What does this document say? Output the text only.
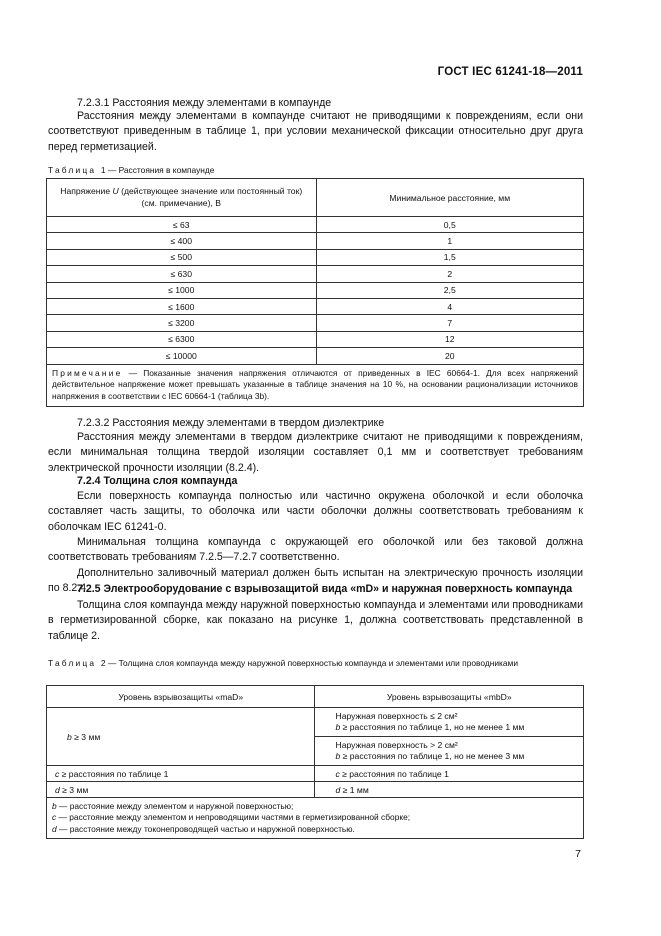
ГОСТ IEC 61241-18—2011

7.2.3.1 Расстояния между элементами в компаунде

Расстояния между элементами в компаунде считают не приводящими к повреждениям, если они соответствуют приведенным в таблице 1, при условии механической фиксации относительно друг друга перед герметизацией.

Таблица 1 — Расстояния в компаунде
Напряжение U (действующее значение или постоянный ток) (см. примечание), В	Минимальное расстояние, мм
≤ 63	0,5
≤ 400	1
≤ 500	1,5
≤ 630	2
≤ 1000	2,5
≤ 1600	4
≤ 3200	7
≤ 6300	12
≤ 10000	20
Примечание — Показанные значения напряжения отличаются от приведенных в IEC 60664-1. Для всех напряжений действительное напряжение может превышать указанные в таблице значения на 10 %, на основании рационализации источников напряжения в соответствии с IEC 60664-1 (таблица 3b).	

7.2.3.2 Расстояния между элементами в твердом диэлектрике

Расстояния между элементами в твердом диэлектрике считают не приводящими к повреждениям, если минимальная толщина твердой изоляции составляет 0,1 мм и соответствует требованиям электрической прочности изоляции (8.2.4).

7.2.4 Толщина слоя компаунда

Если поверхность компаунда полностью или частично окружена оболочкой и если оболочка составляет часть защиты, то оболочка или части оболочки должны соответствовать требованиям к оболочкам IEC 61241-0.

Минимальная толщина компаунда с окружающей его оболочкой или без таковой должна соответствовать требованиям 7.2.5—7.2.7 соответственно.

Дополнительно заливочный материал должен быть испытан на электрическую прочность изоляции по 8.2.4.

7.2.5 Электрооборудование с взрывозащитой вида «mD» и наружная поверхность компаунда

Толщина слоя компаунда между наружной поверхностью компаунда и элементами или проводниками в герметизированной сборке, как показано на рисунке 1, должна соответствовать представленной в таблице 2.

Таблица 2 — Толщина слоя компаунда между наружной поверхностью компаунда и элементами или проводниками
Уровень взрывозащиты «maD»	Уровень взрывозащиты «mbD»
b ≥ 3 мм	Наружная поверхность ≤ 2 см²
b ≥ расстояния по таблице 1, но не менее 1 мм

	Наружная поверхность > 2 см²
b ≥ расстояния по таблице 1, но не менее 3 мм

c ≥ расстояния по таблице 1	c ≥ расстояния по таблице 1
d ≥ 3 мм	d ≥ 1 мм

b — расстояние между элементом и наружной поверхностью;
c — расстояние между элементом и непроводящими частями в герметизированной сборке;
d — расстояние между токонепроводящей частью и наружной поверхностью.	
7
